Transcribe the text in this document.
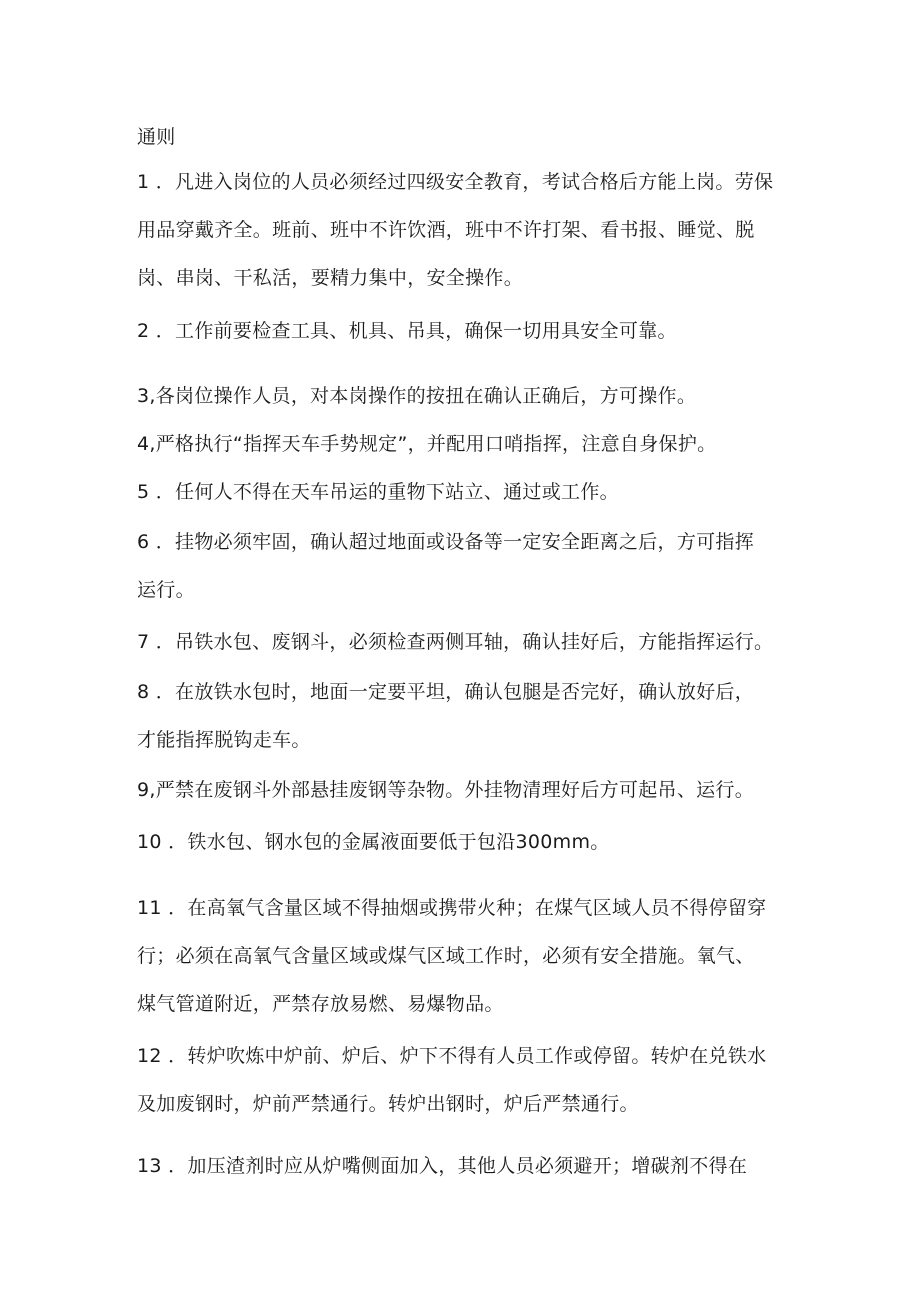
通则
1 ．凡进入岗位的人员必须经过四级安全教育，考试合格后方能上岗。劳保
用品穿戴齐全。班前、班中不许饮酒，班中不许打架、看书报、睡觉、脱
岗、串岗、干私活，要精力集中，安全操作。
2 ．工作前要检查工具、机具、吊具，确保一切用具安全可靠。
3,各岗位操作人员，对本岗操作的按扭在确认正确后，方可操作。
4,严格执行“指挥天车手势规定”，并配用口哨指挥，注意自身保护。
5 ．任何人不得在天车吊运的重物下站立、通过或工作。
6 ．挂物必须牢固，确认超过地面或设备等一定安全距离之后，方可指挥
运行。
7 ．吊铁水包、废钢斗，必须检查两侧耳轴，确认挂好后，方能指挥运行。
8 ．在放铁水包时，地面一定要平坦，确认包腿是否完好，确认放好后，
才能指挥脱钩走车。
9,严禁在废钢斗外部悬挂废钢等杂物。外挂物清理好后方可起吊、运行。
10 ．铁水包、钢水包的金属液面要低于包沿300mm。
11 ．在高氧气含量区域不得抽烟或携带火种；在煤气区域人员不得停留穿
行；必须在高氧气含量区域或煤气区域工作时，必须有安全措施。氧气、
煤气管道附近，严禁存放易燃、易爆物品。
12 ．转炉吹炼中炉前、炉后、炉下不得有人员工作或停留。转炉在兑铁水
及加废钢时，炉前严禁通行。转炉出钢时，炉后严禁通行。
13 ．加压渣剂时应从炉嘴侧面加入，其他人员必须避开；增碳剂不得在
